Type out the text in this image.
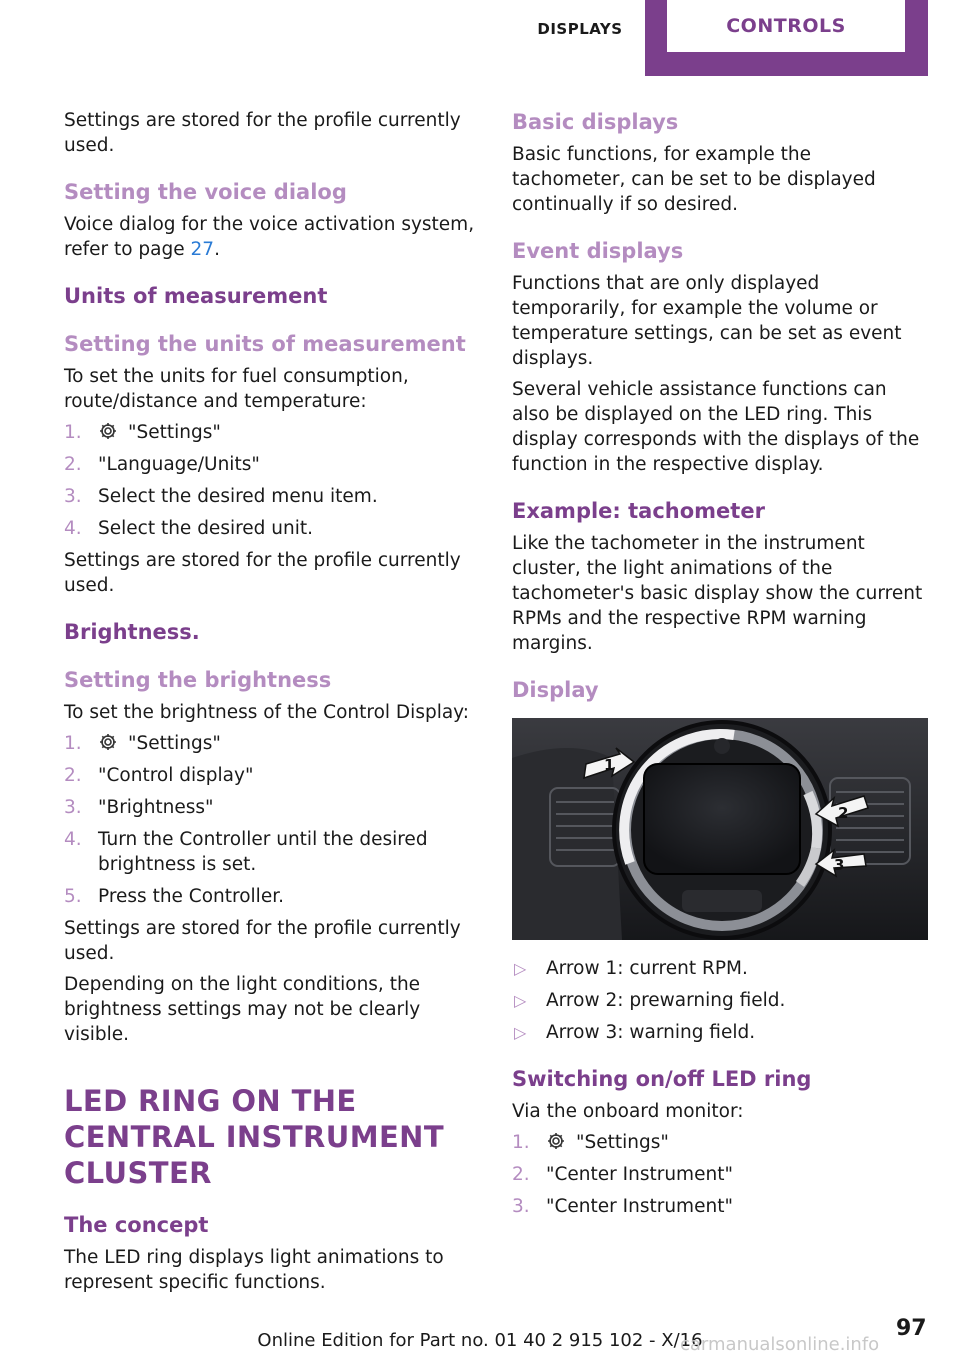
DISPLAYS	CONTROLS

Settings are stored for the profile currently used.

Setting the voice dialog

Voice dialog for the voice activation system, refer to page 27.

Units of measurement
Setting the units of measurement

To set the units for fuel consumption, route/distance and temperature:

1.	"Settings"
2. "Language/Units"
3. Select the desired menu item.
4. Select the desired unit.

Settings are stored for the profile currently used.

Brightness.
Setting the brightness

To set the brightness of the Control Display:

1.	"Settings"
2. "Control display"
3. "Brightness"
4. Turn the Controller until the desired brightness is set.
5. Press the Controller.

Settings are stored for the profile currently used.

Depending on the light conditions, the brightness settings may not be clearly visible.

LED RING ON THE CENTRAL INSTRUMENT CLUSTER
The concept

The LED ring displays light animations to represent specific functions.

Basic displays

Basic functions, for example the tachometer, can be set to be displayed continually if so desired.

Event displays

Functions that are only displayed temporarily, for example the volume or temperature settings, can be set as event displays.

Several vehicle assistance functions can also be displayed on the LED ring. This display corresponds with the displays of the function in the respective display.

Example: tachometer

Like the tachometer in the instrument cluster, the light animations of the tachometer's basic display show the current RPMs and the respective RPM warning margins.

Display
1
2
3
▷ Arrow 1: current RPM.
▷ Arrow 2: prewarning field.
▷ Arrow 3: warning field.
Switching on/off LED ring

Via the onboard monitor:

1.	"Settings"
2. "Center Instrument"
3. "Center Instrument"
Online Edition for Part no. 01 40 2 915 102 - X/16	97
carmanualsonline.info
